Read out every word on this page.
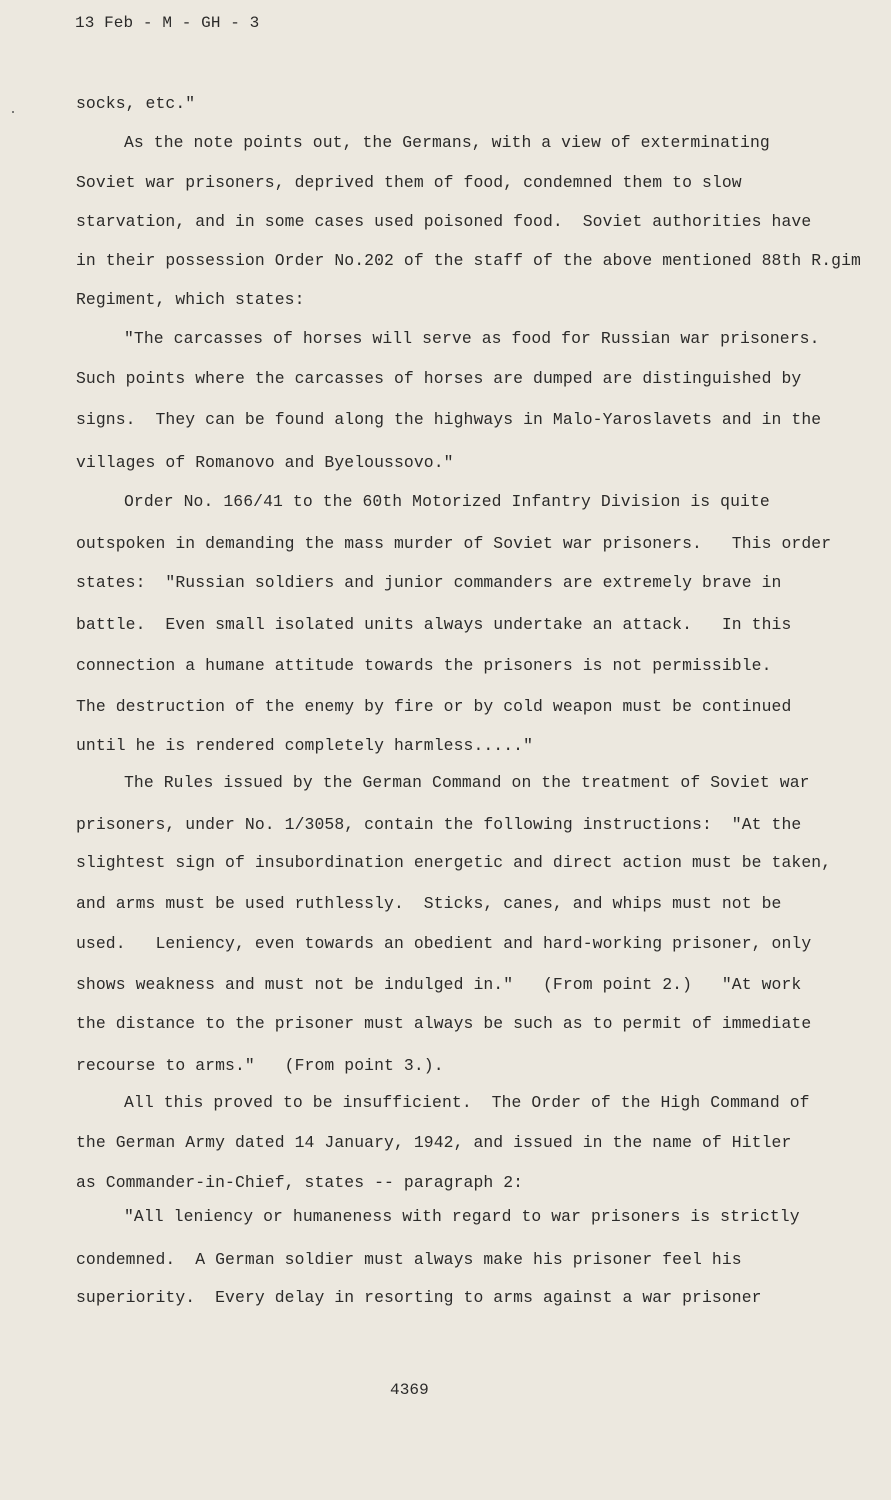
13 Feb - M - GH - 3
socks, etc."
As the note points out, the Germans, with a view of exterminating
Soviet war prisoners, deprived them of food, condemned them to slow
starvation, and in some cases used poisoned food.  Soviet authorities have
in their possession Order No.202 of the staff of the above mentioned 88th R.gim
Regiment, which states:
"The carcasses of horses will serve as food for Russian war prisoners.
Such points where the carcasses of horses are dumped are distinguished by
signs.  They can be found along the highways in Malo-Yaroslavets and in the
villages of Romanovo and Byeloussovo."
Order No. 166/41 to the 60th Motorized Infantry Division is quite
outspoken in demanding the mass murder of Soviet war prisoners.   This order
states:  "Russian soldiers and junior commanders are extremely brave in
battle.  Even small isolated units always undertake an attack.   In this
connection a humane attitude towards the prisoners is not permissible.
The destruction of the enemy by fire or by cold weapon must be continued
until he is rendered completely harmless....."
The Rules issued by the German Command on the treatment of Soviet war
prisoners, under No. 1/3058, contain the following instructions:  "At the
slightest sign of insubordination energetic and direct action must be taken,
and arms must be used ruthlessly.  Sticks, canes, and whips must not be
used.   Leniency, even towards an obedient and hard-working prisoner, only
shows weakness and must not be indulged in."   (From point 2.)   "At work
the distance to the prisoner must always be such as to permit of immediate
recourse to arms."   (From point 3.).
All this proved to be insufficient.  The Order of the High Command of
the German Army dated 14 January, 1942, and issued in the name of Hitler
as Commander-in-Chief, states -- paragraph 2:
"All leniency or humaneness with regard to war prisoners is strictly
condemned.  A German soldier must always make his prisoner feel his
superiority.  Every delay in resorting to arms against a war prisoner
4369
